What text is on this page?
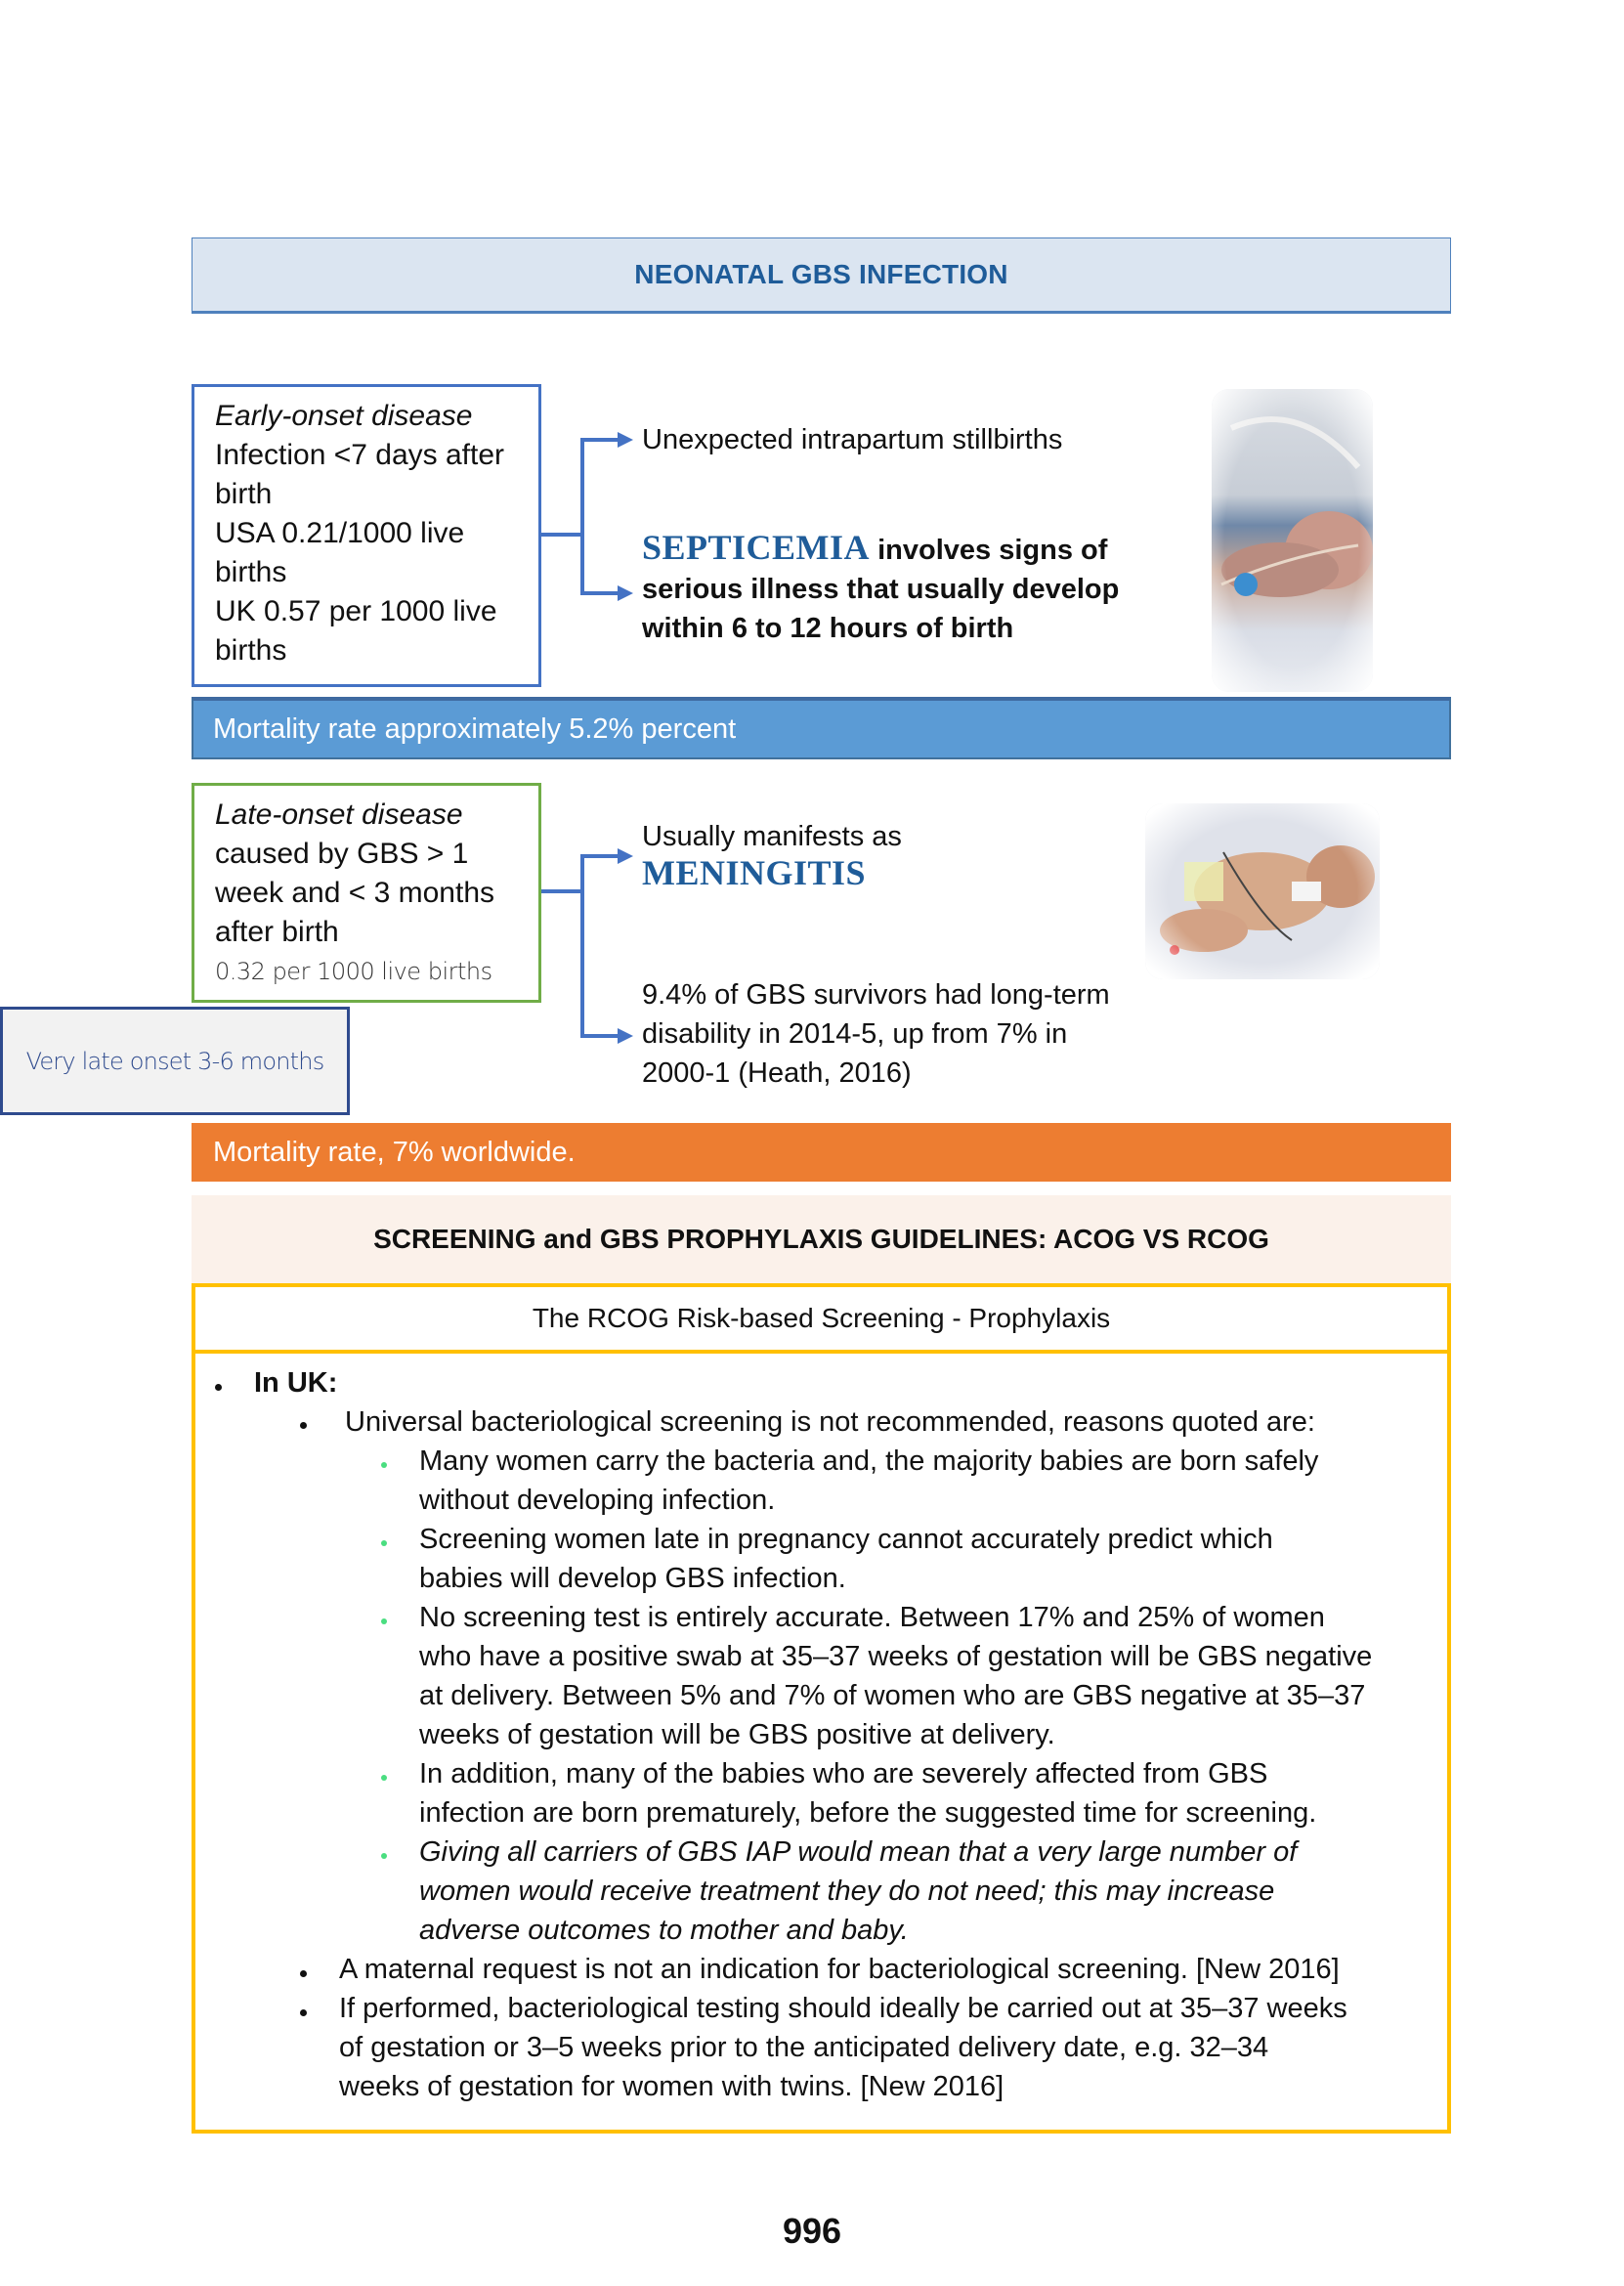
NEONATAL GBS INFECTION
Early-onset disease
Infection <7 days after
birth
USA 0.21/1000 live
births
UK 0.57 per 1000 live
births
Unexpected intrapartum stillbirths
SEPTICEMIA involves signs of
serious illness that usually develop
within 6 to 12 hours of birth
Mortality rate approximately 5.2% percent
Late-onset disease
caused by GBS > 1
week and < 3 months
after birth
0.32 per 1000 live births
Very late onset 3-6 months
Usually manifests as
MENINGITIS
9.4% of GBS survivors had long-term
disability in 2014-5, up from 7% in
2000-1 (Heath, 2016)
Mortality rate, 7% worldwide.
SCREENING and GBS PROPHYLAXIS GUIDELINES: ACOG VS RCOG
The RCOG Risk-based Screening - Prophylaxis
In UK:
Universal bacteriological screening is not recommended, reasons quoted are:
Many women carry the bacteria and, the majority babies are born safely
without developing infection.
Screening women late in pregnancy cannot accurately predict which
babies will develop GBS infection.
No screening test is entirely accurate. Between 17% and 25% of women
who have a positive swab at 35–37 weeks of gestation will be GBS negative
at delivery. Between 5% and 7% of women who are GBS negative at 35–37
weeks of gestation will be GBS positive at delivery.
In addition, many of the babies who are severely affected from GBS
infection are born prematurely, before the suggested time for screening.
Giving all carriers of GBS IAP would mean that a very large number of
women would receive treatment they do not need; this may increase
adverse outcomes to mother and baby.
A maternal request is not an indication for bacteriological screening. [New 2016]
If performed, bacteriological testing should ideally be carried out at 35–37 weeks
of gestation or 3–5 weeks prior to the anticipated delivery date, e.g. 32–34
weeks of gestation for women with twins. [New 2016]
996
